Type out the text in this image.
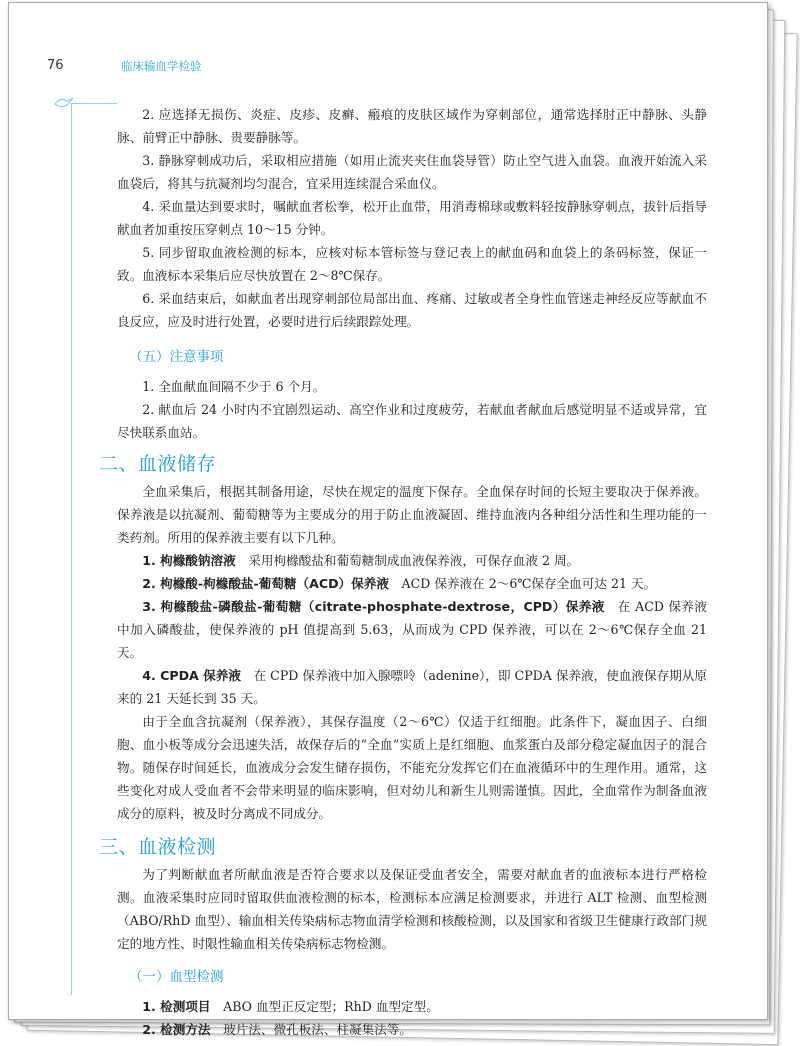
76	临床输血学检验

2. 应选择无损伤、炎症、皮疹、皮癣、瘢痕的皮肤区域作为穿刺部位，通常选择肘正中静脉、头静脉、前臂正中静脉、贵要静脉等。

3. 静脉穿刺成功后，采取相应措施（如用止流夹夹住血袋导管）防止空气进入血袋。血液开始流入采血袋后，将其与抗凝剂均匀混合，宜采用连续混合采血仪。

4. 采血量达到要求时，嘱献血者松拳，松开止血带，用消毒棉球或敷料轻按静脉穿刺点，拔针后指导献血者加重按压穿刺点 10～15 分钟。

5. 同步留取血液检测的标本，应核对标本管标签与登记表上的献血码和血袋上的条码标签，保证一致。血液标本采集后应尽快放置在 2～8℃保存。

6. 采血结束后，如献血者出现穿刺部位局部出血、疼痛、过敏或者全身性血管迷走神经反应等献血不良反应，应及时进行处置，必要时进行后续跟踪处理。

（五）注意事项

1. 全血献血间隔不少于 6 个月。

2. 献血后 24 小时内不宜剧烈运动、高空作业和过度疲劳，若献血者献血后感觉明显不适或异常，宜尽快联系血站。

二、血液储存

全血采集后，根据其制备用途，尽快在规定的温度下保存。全血保存时间的长短主要取决于保养液。保养液是以抗凝剂、葡萄糖等为主要成分的用于防止血液凝固、维持血液内各种组分活性和生理功能的一类药剂。所用的保养液主要有以下几种。

1. 枸橼酸钠溶液　 采用枸橼酸盐和葡萄糖制成血液保养液，可保存血液 2 周。

2. 枸橼酸-枸橼酸盐-葡萄糖（ACD）保养液　 ACD 保养液在 2～6℃保存全血可达 21 天。

3. 枸橼酸盐-磷酸盐-葡萄糖（citrate-phosphate-dextrose，CPD）保养液　 在 ACD 保养液中加入磷酸盐，使保养液的 pH 值提高到 5.63，从而成为 CPD 保养液，可以在 2～6℃保存全血 21 天。

4. CPDA 保养液　 在 CPD 保养液中加入腺嘌呤（adenine），即 CPDA 保养液，使血液保存期从原来的 21 天延长到 35 天。

由于全血含抗凝剂（保养液），其保存温度（2～6℃）仅适于红细胞。此条件下，凝血因子、白细胞、血小板等成分会迅速失活，故保存后的“全血”实质上是红细胞、血浆蛋白及部分稳定凝血因子的混合物。随保存时间延长，血液成分会发生储存损伤，不能充分发挥它们在血液循环中的生理作用。通常，这些变化对成人受血者不会带来明显的临床影响，但对幼儿和新生儿则需谨慎。因此，全血常作为制备血液成分的原料，被及时分离成不同成分。

三、血液检测

为了判断献血者所献血液是否符合要求以及保证受血者安全，需要对献血者的血液标本进行严格检测。血液采集时应同时留取供血液检测的标本，检测标本应满足检测要求，并进行 ALT 检测、血型检测（ABO/RhD 血型）、输血相关传染病标志物血清学检测和核酸检测，以及国家和省级卫生健康行政部门规定的地方性、时限性输血相关传染病标志物检测。

（一）血型检测

1. 检测项目　 ABO 血型正反定型；RhD 血型定型。

2. 检测方法　 玻片法、微孔板法、柱凝集法等。
